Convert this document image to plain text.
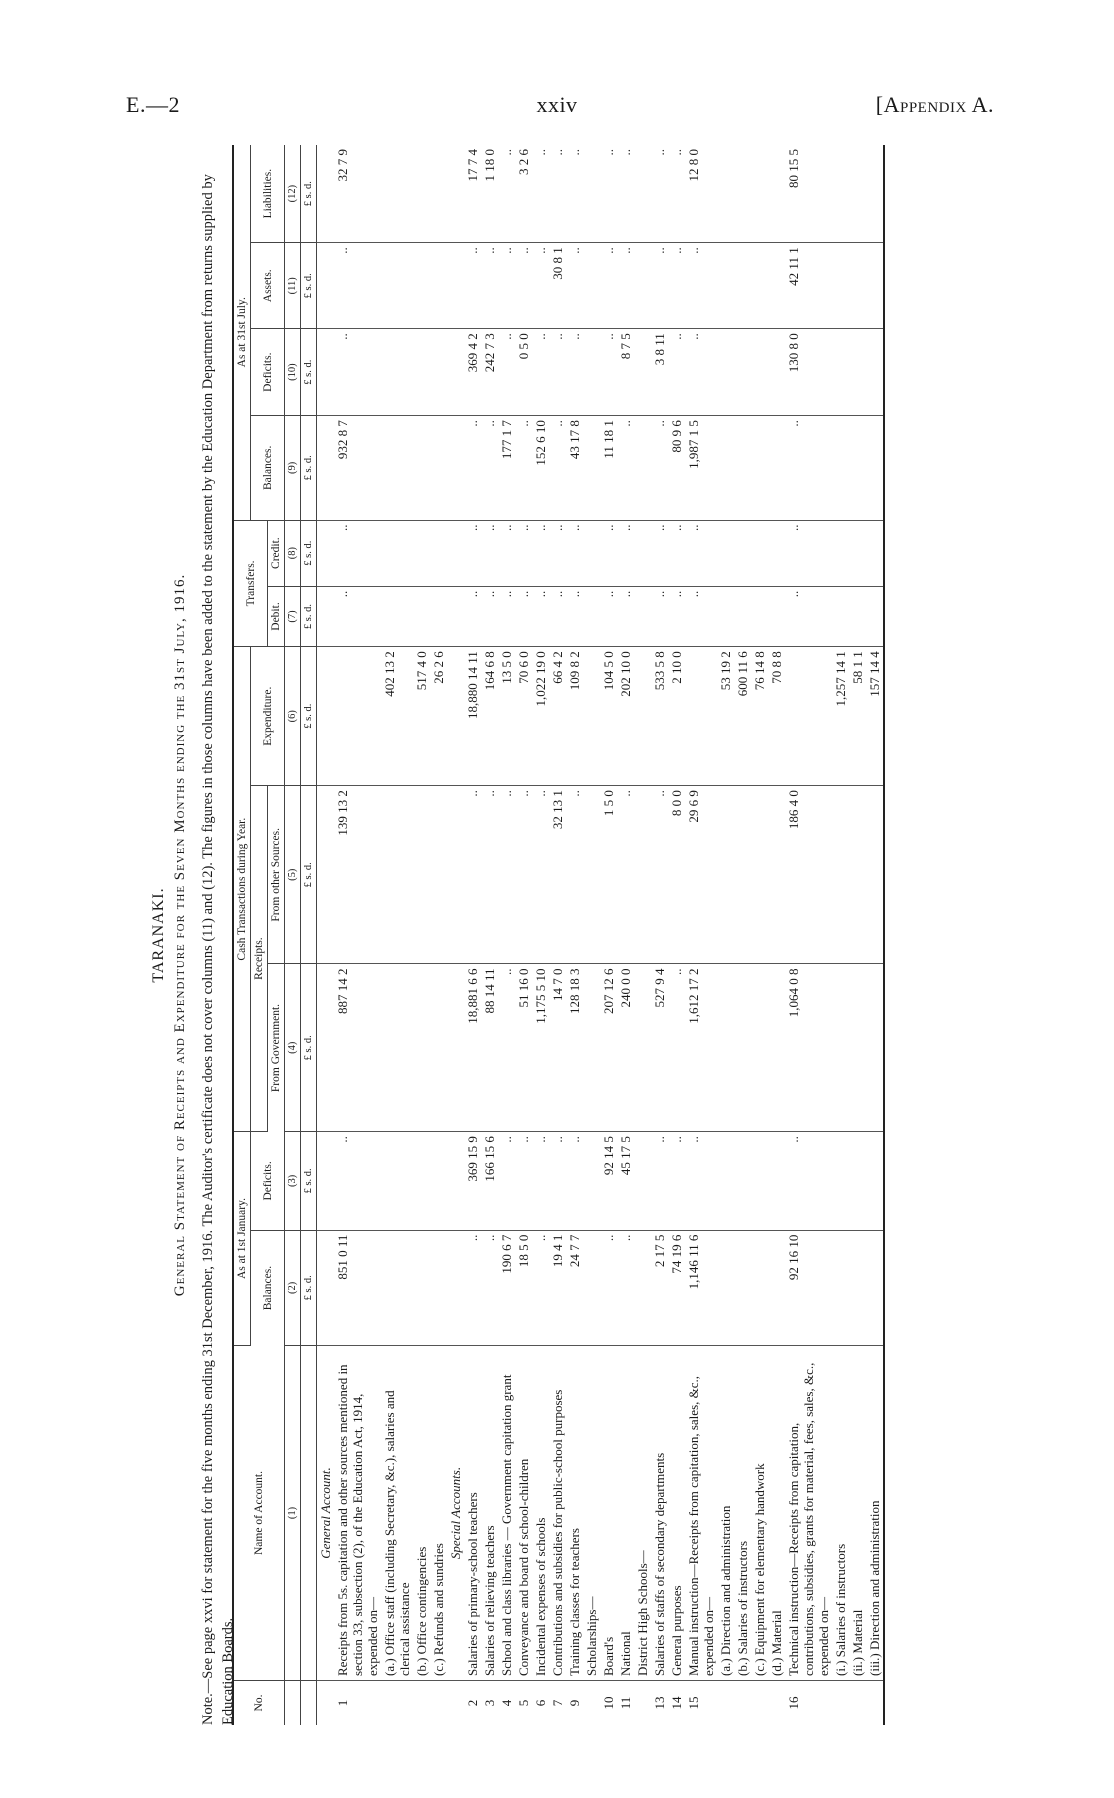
E.—2	xxiv	[Appendix A.
TARANAKI. General Statement of Receipts and Expenditure for the Seven Months ending the 31st July, 1916. Note.—See page xxvi for statement for the five months ending 31st December, 1916. The Auditor's certificate does not cover columns (11) and (12). The figures in those columns have been added to the statement by the Education Department from returns supplied by Education Boards. No.	Name of Account.	As at 1st January.		Cash Transactions during Year.			Transfers.		As at 31st July.			
		Balances.	Deficits.	Receipts.		Expenditure.			Balances.	Deficits.	Assets.	Liabilities.
				From Government.	From other Sources.		Debit.	Credit.				
	(1)	(2)	(3)	(4)	(5)	(6)	(7)	(8)	(9)	(10)	(11)	(12)
		£ s. d.	£ s. d.	£ s. d.	£ s. d.	£ s. d.	£ s. d.	£ s. d.	£ s. d.	£ s. d.	£ s. d.	£ s. d.
	General Account.											
1	Receipts from 5s. capitation and other sources mentioned in section 33, subsection (2), of the Education Act, 1914, expended on—	851 0 11	..	887 14 2	139 13 2		..	..	932 8 7	..	..	32 7 9
	(a.) Office staff (including Secretary, &c.), salaries and clerical assistance					402 13 2						
	(b.) Office contingencies					517 4 0						
	(c.) Refunds and sundries					26 2 6						
	Special Accounts.											
2	Salaries of primary-school teachers	..	369 15 9	18,881 6 6	..	18,880 14 11	..	..	..	369 4 2	..	17 7 4
3	Salaries of relieving teachers	..	166 15 6	88 14 11	..	164 6 8	..	..	..	242 7 3	..	1 18 0
4	School and class libraries — Government capitation grant	190 6 7	..	..	..	13 5 0	..	..	177 1 7	..	..	..
5	Conveyance and board of school-children	18 5 0	..	51 16 0	..	70 6 0	..	..	..	0 5 0	..	3 2 6
6	Incidental expenses of schools	..	..	1,175 5 10	..	1,022 19 0	..	..	152 6 10	..	..	..
7	Contributions and subsidies for public-school purposes	19 4 1	..	14 7 0	32 13 1	66 4 2	..	..	..	..	30 8 1	..
9	Training classes for teachers	24 7 7	..	128 18 3	..	109 8 2	..	..	43 17 8	..	..	..
	Scholarships—											
10	Board's	..	92 14 5	207 12 6	1 5 0	104 5 0	..	..	11 18 1	..	..	..
11	National	..	45 17 5	240 0 0	..	202 10 0	..	..	..	8 7 5	..	..
	District High Schools—											
13	Salaries of staffs of secondary departments	2 17 5	..	527 9 4	..	533 5 8	..	..	..	3 8 11	..	..
14	General purposes	74 19 6	..	..	8 0 0	2 10 0	..	..	80 9 6	..	..	..
15	Manual instruction—Receipts from capitation, sales, &c., expended on—	1,146 11 6	..	1,612 17 2	29 6 9		..	..	1,987 1 5	..	..	12 8 0
	(a.) Direction and administration					53 19 2						
	(b.) Salaries of instructors					600 11 6						
	(c.) Equipment for elementary handwork					76 14 8						
	(d.) Material					70 8 8						
16	Technical instruction—Receipts from capitation, contributions, subsidies, grants for material, fees, sales, &c., expended on—	92 16 10	..	1,064 0 8	186 4 0		..	..	..	130 8 0	42 11 1	80 15 5
	(i.) Salaries of instructors					1,257 14 1						
	(ii.) Material					58 1 1						
	(iii.) Direction and administration					157 14 4						
